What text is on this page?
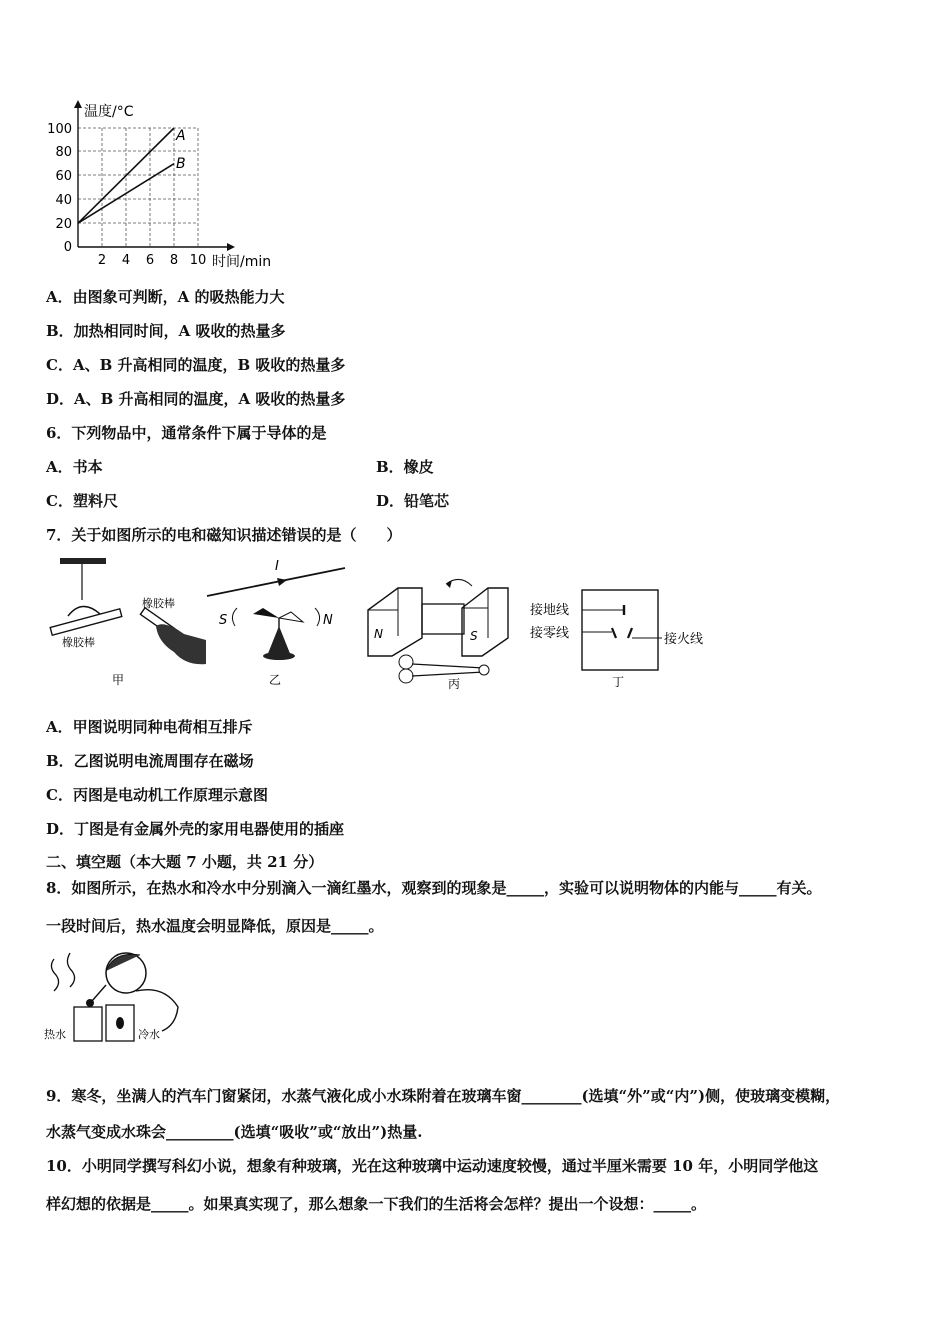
温度/°C
100
80
60
40
20
0
2 4 6 8 10 时间/min
A
B
A．由图象可判断，A 的吸热能力大
B．加热相同时间，A 吸收的热量多
C．A、B 升高相同的温度，B 吸收的热量多
D．A、B 升高相同的温度，A 吸收的热量多
6．下列物品中，通常条件下属于导体的是
A．书本	B．橡皮
C．塑料尺	D．铅笔芯
7．关于如图所示的电和磁知识描述错误的是（　　）
橡胶棒
橡胶棒
甲
I
S	N
乙
N	S
丙
接地线
接零线	接火线
丁
A．甲图说明同种电荷相互排斥
B．乙图说明电流周围存在磁场
C．丙图是电动机工作原理示意图
D．丁图是有金属外壳的家用电器使用的插座
二、填空题（本大题 7 小题，共 21 分）
8．如图所示，在热水和冷水中分别滴入一滴红墨水，观察到的现象是_____，实验可以说明物体的内能与_____有关。
一段时间后，热水温度会明显降低，原因是_____。
热水	冷水
9．寒冬，坐满人的汽车门窗紧闭，水蒸气液化成小水珠附着在玻璃车窗________(选填“外”或“内”)侧，使玻璃变模糊，
水蒸气变成水珠会_________(选填“吸收”或“放出”)热量.
10．小明同学撰写科幻小说，想象有种玻璃，光在这种玻璃中运动速度较慢，通过半厘米需要 10 年，小明同学他这
样幻想的依据是_____。如果真实现了，那么想象一下我们的生活将会怎样？提出一个设想：_____。
